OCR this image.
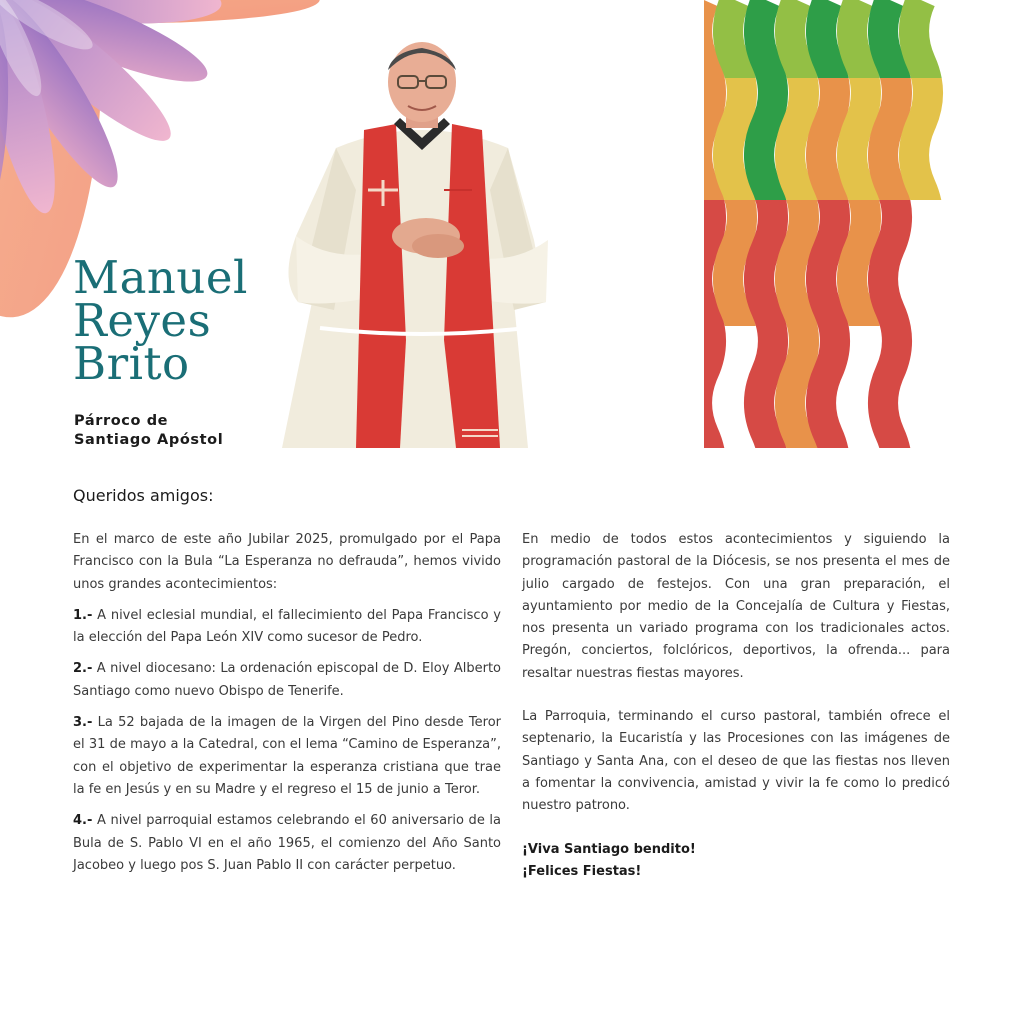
Manuel
Reyes
Brito

Párroco de
Santiago Apóstol

Queridos amigos:

En el marco de este año Jubilar 2025, promulgado por el Papa Francisco con la Bula “La Esperanza no defrauda”, hemos vivido unos grandes acontecimientos:

1.- A nivel eclesial mundial, el fallecimiento del Papa Francisco y la elección del Papa León XIV como sucesor de Pedro.

2.- A nivel diocesano: La ordenación episcopal de D. Eloy Alberto Santiago como nuevo Obispo de Tenerife.

3.- La 52 bajada de la imagen de la Virgen del Pino desde Teror el 31 de mayo a la Catedral, con el lema “Camino de Esperanza”, con el objetivo de experimentar la esperanza cristiana que trae la fe en Jesús y en su Madre y el regreso el 15 de junio a Teror.

4.- A nivel parroquial estamos celebrando el 60 aniversario de la Bula de S. Pablo VI en el año 1965, el comienzo del Año Santo Jacobeo y luego pos S. Juan Pablo II con carácter perpetuo.

En medio de todos estos acontecimientos y siguiendo la programación pastoral de la Diócesis, se nos presenta el mes de julio cargado de festejos. Con una gran preparación, el ayuntamiento por medio de la Concejalía de Cultura y Fiestas, nos presenta un variado programa con los tradicionales actos. Pregón, conciertos, folclóricos, deportivos, la ofrenda... para resaltar nuestras fiestas mayores.

La Parroquia, terminando el curso pastoral, también ofrece el septenario, la Eucaristía y las Procesiones con las imágenes de Santiago y Santa Ana, con el deseo de que las fiestas nos lleven a fomentar la convivencia, amistad y vivir la fe como lo predicó nuestro patrono.

¡Viva Santiago bendito!
¡Felices Fiestas!
